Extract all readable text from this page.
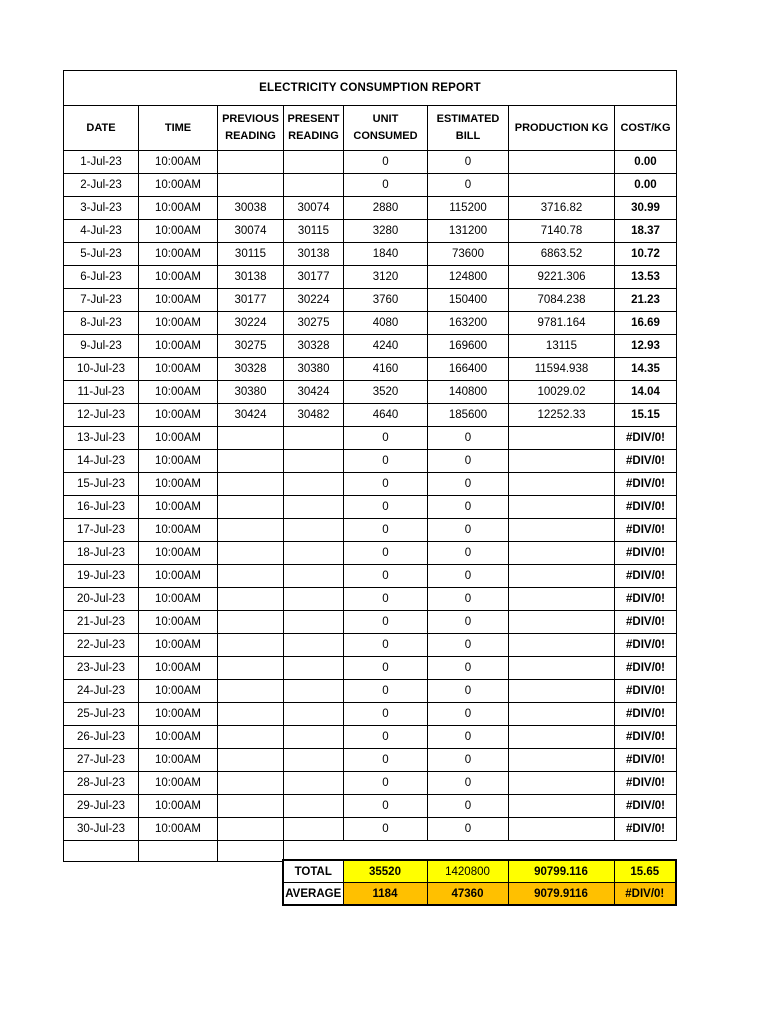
ELECTRICITY CONSUMPTION REPORT							
DATE	TIME	PREVIOUS READING	PRESENT READING	UNIT CONSUMED	ESTIMATED BILL	PRODUCTION KG	COST/KG
1-Jul-23	10:00AM			0	0		0.00
2-Jul-23	10:00AM			0	0		0.00
3-Jul-23	10:00AM	30038	30074	2880	115200	3716.82	30.99
4-Jul-23	10:00AM	30074	30115	3280	131200	7140.78	18.37
5-Jul-23	10:00AM	30115	30138	1840	73600	6863.52	10.72
6-Jul-23	10:00AM	30138	30177	3120	124800	9221.306	13.53
7-Jul-23	10:00AM	30177	30224	3760	150400	7084.238	21.23
8-Jul-23	10:00AM	30224	30275	4080	163200	9781.164	16.69
9-Jul-23	10:00AM	30275	30328	4240	169600	13115	12.93
10-Jul-23	10:00AM	30328	30380	4160	166400	11594.938	14.35
11-Jul-23	10:00AM	30380	30424	3520	140800	10029.02	14.04
12-Jul-23	10:00AM	30424	30482	4640	185600	12252.33	15.15
13-Jul-23	10:00AM			0	0		#DIV/0!
14-Jul-23	10:00AM			0	0		#DIV/0!
15-Jul-23	10:00AM			0	0		#DIV/0!
16-Jul-23	10:00AM			0	0		#DIV/0!
17-Jul-23	10:00AM			0	0		#DIV/0!
18-Jul-23	10:00AM			0	0		#DIV/0!
19-Jul-23	10:00AM			0	0		#DIV/0!
20-Jul-23	10:00AM			0	0		#DIV/0!
21-Jul-23	10:00AM			0	0		#DIV/0!
22-Jul-23	10:00AM			0	0		#DIV/0!
23-Jul-23	10:00AM			0	0		#DIV/0!
24-Jul-23	10:00AM			0	0		#DIV/0!
25-Jul-23	10:00AM			0	0		#DIV/0!
26-Jul-23	10:00AM			0	0		#DIV/0!
27-Jul-23	10:00AM			0	0		#DIV/0!
28-Jul-23	10:00AM			0	0		#DIV/0!
29-Jul-23	10:00AM			0	0		#DIV/0!
30-Jul-23	10:00AM			0	0		#DIV/0!

TOTAL	35520	1420800	90799.116	15.65
AVERAGE	1184	47360	9079.9116	#DIV/0!
